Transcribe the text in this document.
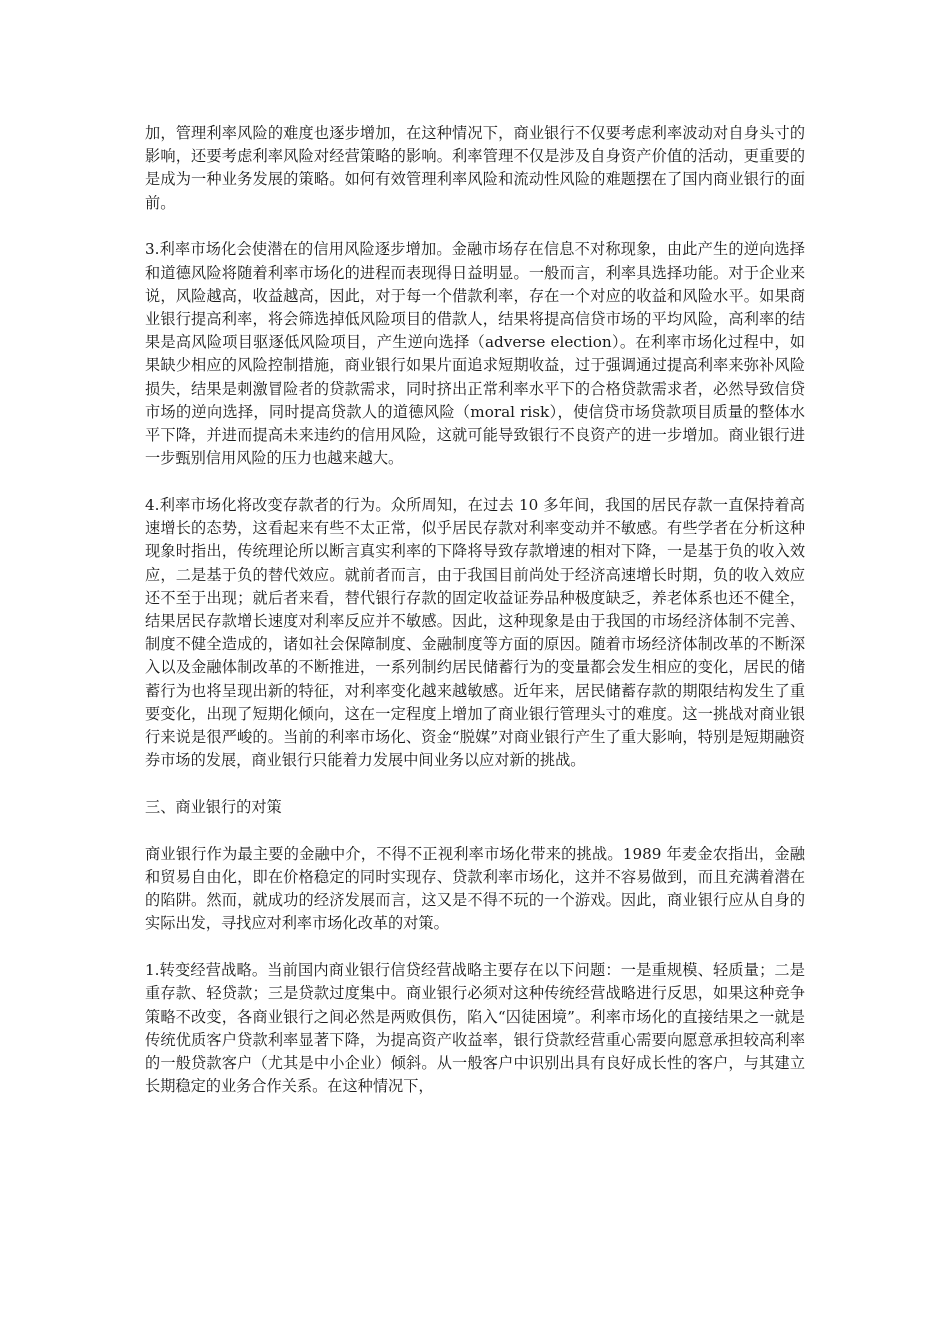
加，管理利率风险的难度也逐步增加，在这种情况下，商业银行不仅要考虑利率波动对自身头寸的影响，还要考虑利率风险对经营策略的影响。利率管理不仅是涉及自身资产价值的活动，更重要的是成为一种业务发展的策略。如何有效管理利率风险和流动性风险的难题摆在了国内商业银行的面前。

3.利率市场化会使潜在的信用风险逐步增加。金融市场存在信息不对称现象，由此产生的逆向选择和道德风险将随着利率市场化的进程而表现得日益明显。一般而言，利率具选择功能。对于企业来说，风险越高，收益越高，因此，对于每一个借款利率，存在一个对应的收益和风险水平。如果商业银行提高利率，将会筛选掉低风险项目的借款人，结果将提高信贷市场的平均风险，高利率的结果是高风险项目驱逐低风险项目，产生逆向选择（adverse election）。在利率市场化过程中，如果缺少相应的风险控制措施，商业银行如果片面追求短期收益，过于强调通过提高利率来弥补风险损失，结果是刺激冒险者的贷款需求，同时挤出正常利率水平下的合格贷款需求者，必然导致信贷市场的逆向选择，同时提高贷款人的道德风险（moral risk），使信贷市场贷款项目质量的整体水平下降，并进而提高未来违约的信用风险，这就可能导致银行不良资产的进一步增加。商业银行进一步甄别信用风险的压力也越来越大。

4.利率市场化将改变存款者的行为。众所周知，在过去 10 多年间，我国的居民存款一直保持着高速增长的态势，这看起来有些不太正常，似乎居民存款对利率变动并不敏感。有些学者在分析这种现象时指出，传统理论所以断言真实利率的下降将导致存款增速的相对下降，一是基于负的收入效应，二是基于负的替代效应。就前者而言，由于我国目前尚处于经济高速增长时期，负的收入效应还不至于出现；就后者来看，替代银行存款的固定收益证券品种极度缺乏，养老体系也还不健全，结果居民存款增长速度对利率反应并不敏感。因此，这种现象是由于我国的市场经济体制不完善、制度不健全造成的，诸如社会保障制度、金融制度等方面的原因。随着市场经济体制改革的不断深入以及金融体制改革的不断推进，一系列制约居民储蓄行为的变量都会发生相应的变化，居民的储蓄行为也将呈现出新的特征，对利率变化越来越敏感。近年来，居民储蓄存款的期限结构发生了重要变化，出现了短期化倾向，这在一定程度上增加了商业银行管理头寸的难度。这一挑战对商业银行来说是很严峻的。当前的利率市场化、资金“脱媒”对商业银行产生了重大影响，特别是短期融资券市场的发展，商业银行只能着力发展中间业务以应对新的挑战。

三、商业银行的对策

商业银行作为最主要的金融中介，不得不正视利率市场化带来的挑战。1989 年麦金农指出，金融和贸易自由化，即在价格稳定的同时实现存、贷款利率市场化，这并不容易做到，而且充满着潜在的陷阱。然而，就成功的经济发展而言，这又是不得不玩的一个游戏。因此，商业银行应从自身的实际出发，寻找应对利率市场化改革的对策。

1.转变经营战略。当前国内商业银行信贷经营战略主要存在以下问题：一是重规模、轻质量；二是重存款、轻贷款；三是贷款过度集中。商业银行必须对这种传统经营战略进行反思，如果这种竞争策略不改变，各商业银行之间必然是两败俱伤，陷入“囚徒困境”。利率市场化的直接结果之一就是传统优质客户贷款利率显著下降，为提高资产收益率，银行贷款经营重心需要向愿意承担较高利率的一般贷款客户（尤其是中小企业）倾斜。从一般客户中识别出具有良好成长性的客户，与其建立长期稳定的业务合作关系。在这种情况下，
